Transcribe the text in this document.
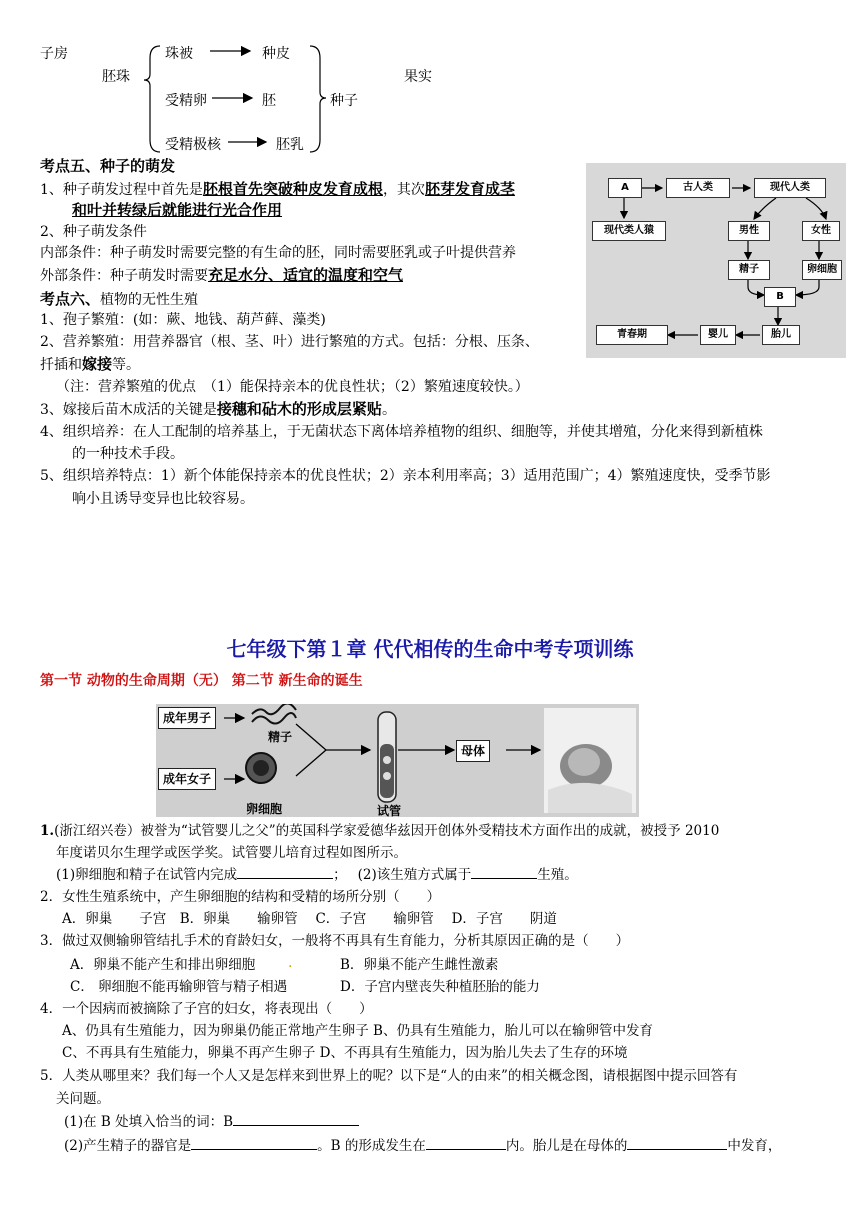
子房
胚珠
珠被	种皮
受精卵	胚	种子
果实
受精极核	胚乳
考点五、种子的萌发
1、种子萌发过程中首先是胚根首先突破种皮发育成根，其次胚芽发育成茎
和叶并转绿后就能进行光合作用
2、种子萌发条件
内部条件：种子萌发时需要完整的有生命的胚，同时需要胚乳或子叶提供营养
外部条件：种子萌发时需要充足水分、适宜的温度和空气
考点六、植物的无性生殖
1、孢子繁殖：(如：蕨、地钱、葫芦藓、藻类)
2、营养繁殖：用营养器官（根、茎、叶）进行繁殖的方式。包括：分根、压条、
扦插和嫁接等。
（注：营养繁殖的优点　（1）能保持亲本的优良性状；（2）繁殖速度较快。）
3、嫁接后苗木成活的关键是接穗和砧木的形成层紧贴。
4、组织培养：在人工配制的培养基上，于无菌状态下离体培养植物的组织、细胞等，并使其增殖，分化来得到新植株
的一种技术手段。
5、组织培养特点：1）新个体能保持亲本的优良性状；2）亲本利用率高；3）适用范围广；4）繁殖速度快，受季节影
响小且诱导变异也比较容易。
A	古人类	现代人类
现代类人猿	男性	女性
精子	卵细胞
B
青春期	婴儿	胎儿
七年级下第１章 代代相传的生命中考专项训练
第一节 动物的生命周期（无） 第二节 新生命的诞生
成年男子
精子
成年女子
卵细胞	试管
母体
1.(浙江绍兴卷）被誉为“试管婴儿之父”的英国科学家爱德华兹因开创体外受精技术方面作出的成就，被授予 2010
年度诺贝尔生理学或医学奖。试管婴儿培育过程如图所示。
(1)卵细胞和精子在试管内完成	；　 (2)该生殖方式属于	生殖。
2．女性生殖系统中，产生卵细胞的结构和受精的场所分别（　　）
A．卵巢　　子宫　B．卵巢　　输卵管　 C．子宫　　输卵管　 D．子宫　　阴道
3．做过双侧输卵管结扎手术的育龄妇女，一般将不再具有生育能力，分析其原因正确的是（　　）
A．卵巢不能产生和排出卵细胞 .	B．卵巢不能产生雌性激素
C． 卵细胞不能再输卵管与精子相遇	D．子宫内壁丧失种植胚胎的能力
4．一个因病而被摘除了子宫的妇女，将表现出（　　）
A、仍具有生殖能力，因为卵巢仍能正常地产生卵子 B、仍具有生殖能力，胎儿可以在输卵管中发育
C、不再具有生殖能力，卵巢不再产生卵子 D、不再具有生殖能力，因为胎儿失去了生存的环境
5．人类从哪里来？我们每一个人又是怎样来到世界上的呢？以下是“人的由来”的相关概念图，请根据图中提示回答有
关问题。
(1)在 B 处填入恰当的词：B
(2)产生精子的器官是	。B 的形成发生在	内。胎儿是在母体的	中发育，
